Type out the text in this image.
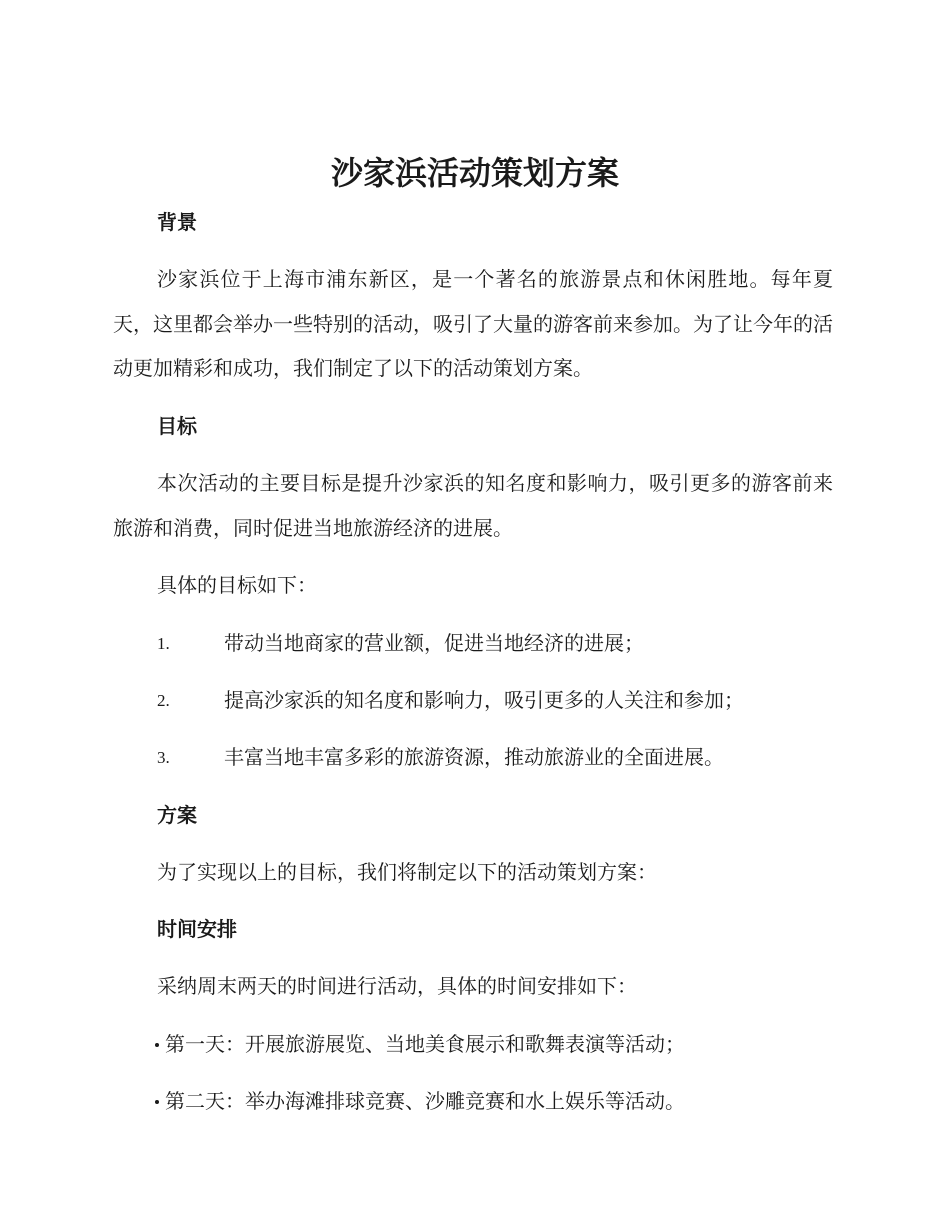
沙家浜活动策划方案
背景

沙家浜位于上海市浦东新区，是一个著名的旅游景点和休闲胜地。每年夏天，这里都会举办一些特别的活动，吸引了大量的游客前来参加。为了让今年的活动更加精彩和成功，我们制定了以下的活动策划方案。

目标

本次活动的主要目标是提升沙家浜的知名度和影响力，吸引更多的游客前来旅游和消费，同时促进当地旅游经济的进展。

具体的目标如下：

1.	带动当地商家的营业额，促进当地经济的进展；
2.	提高沙家浜的知名度和影响力，吸引更多的人关注和参加；
3.	丰富当地丰富多彩的旅游资源，推动旅游业的全面进展。
方案

为了实现以上的目标，我们将制定以下的活动策划方案：

时间安排

采纳周末两天的时间进行活动，具体的时间安排如下：

第一天：开展旅游展览、当地美食展示和歌舞表演等活动；
第二天：举办海滩排球竞赛、沙雕竞赛和水上娱乐等活动。
